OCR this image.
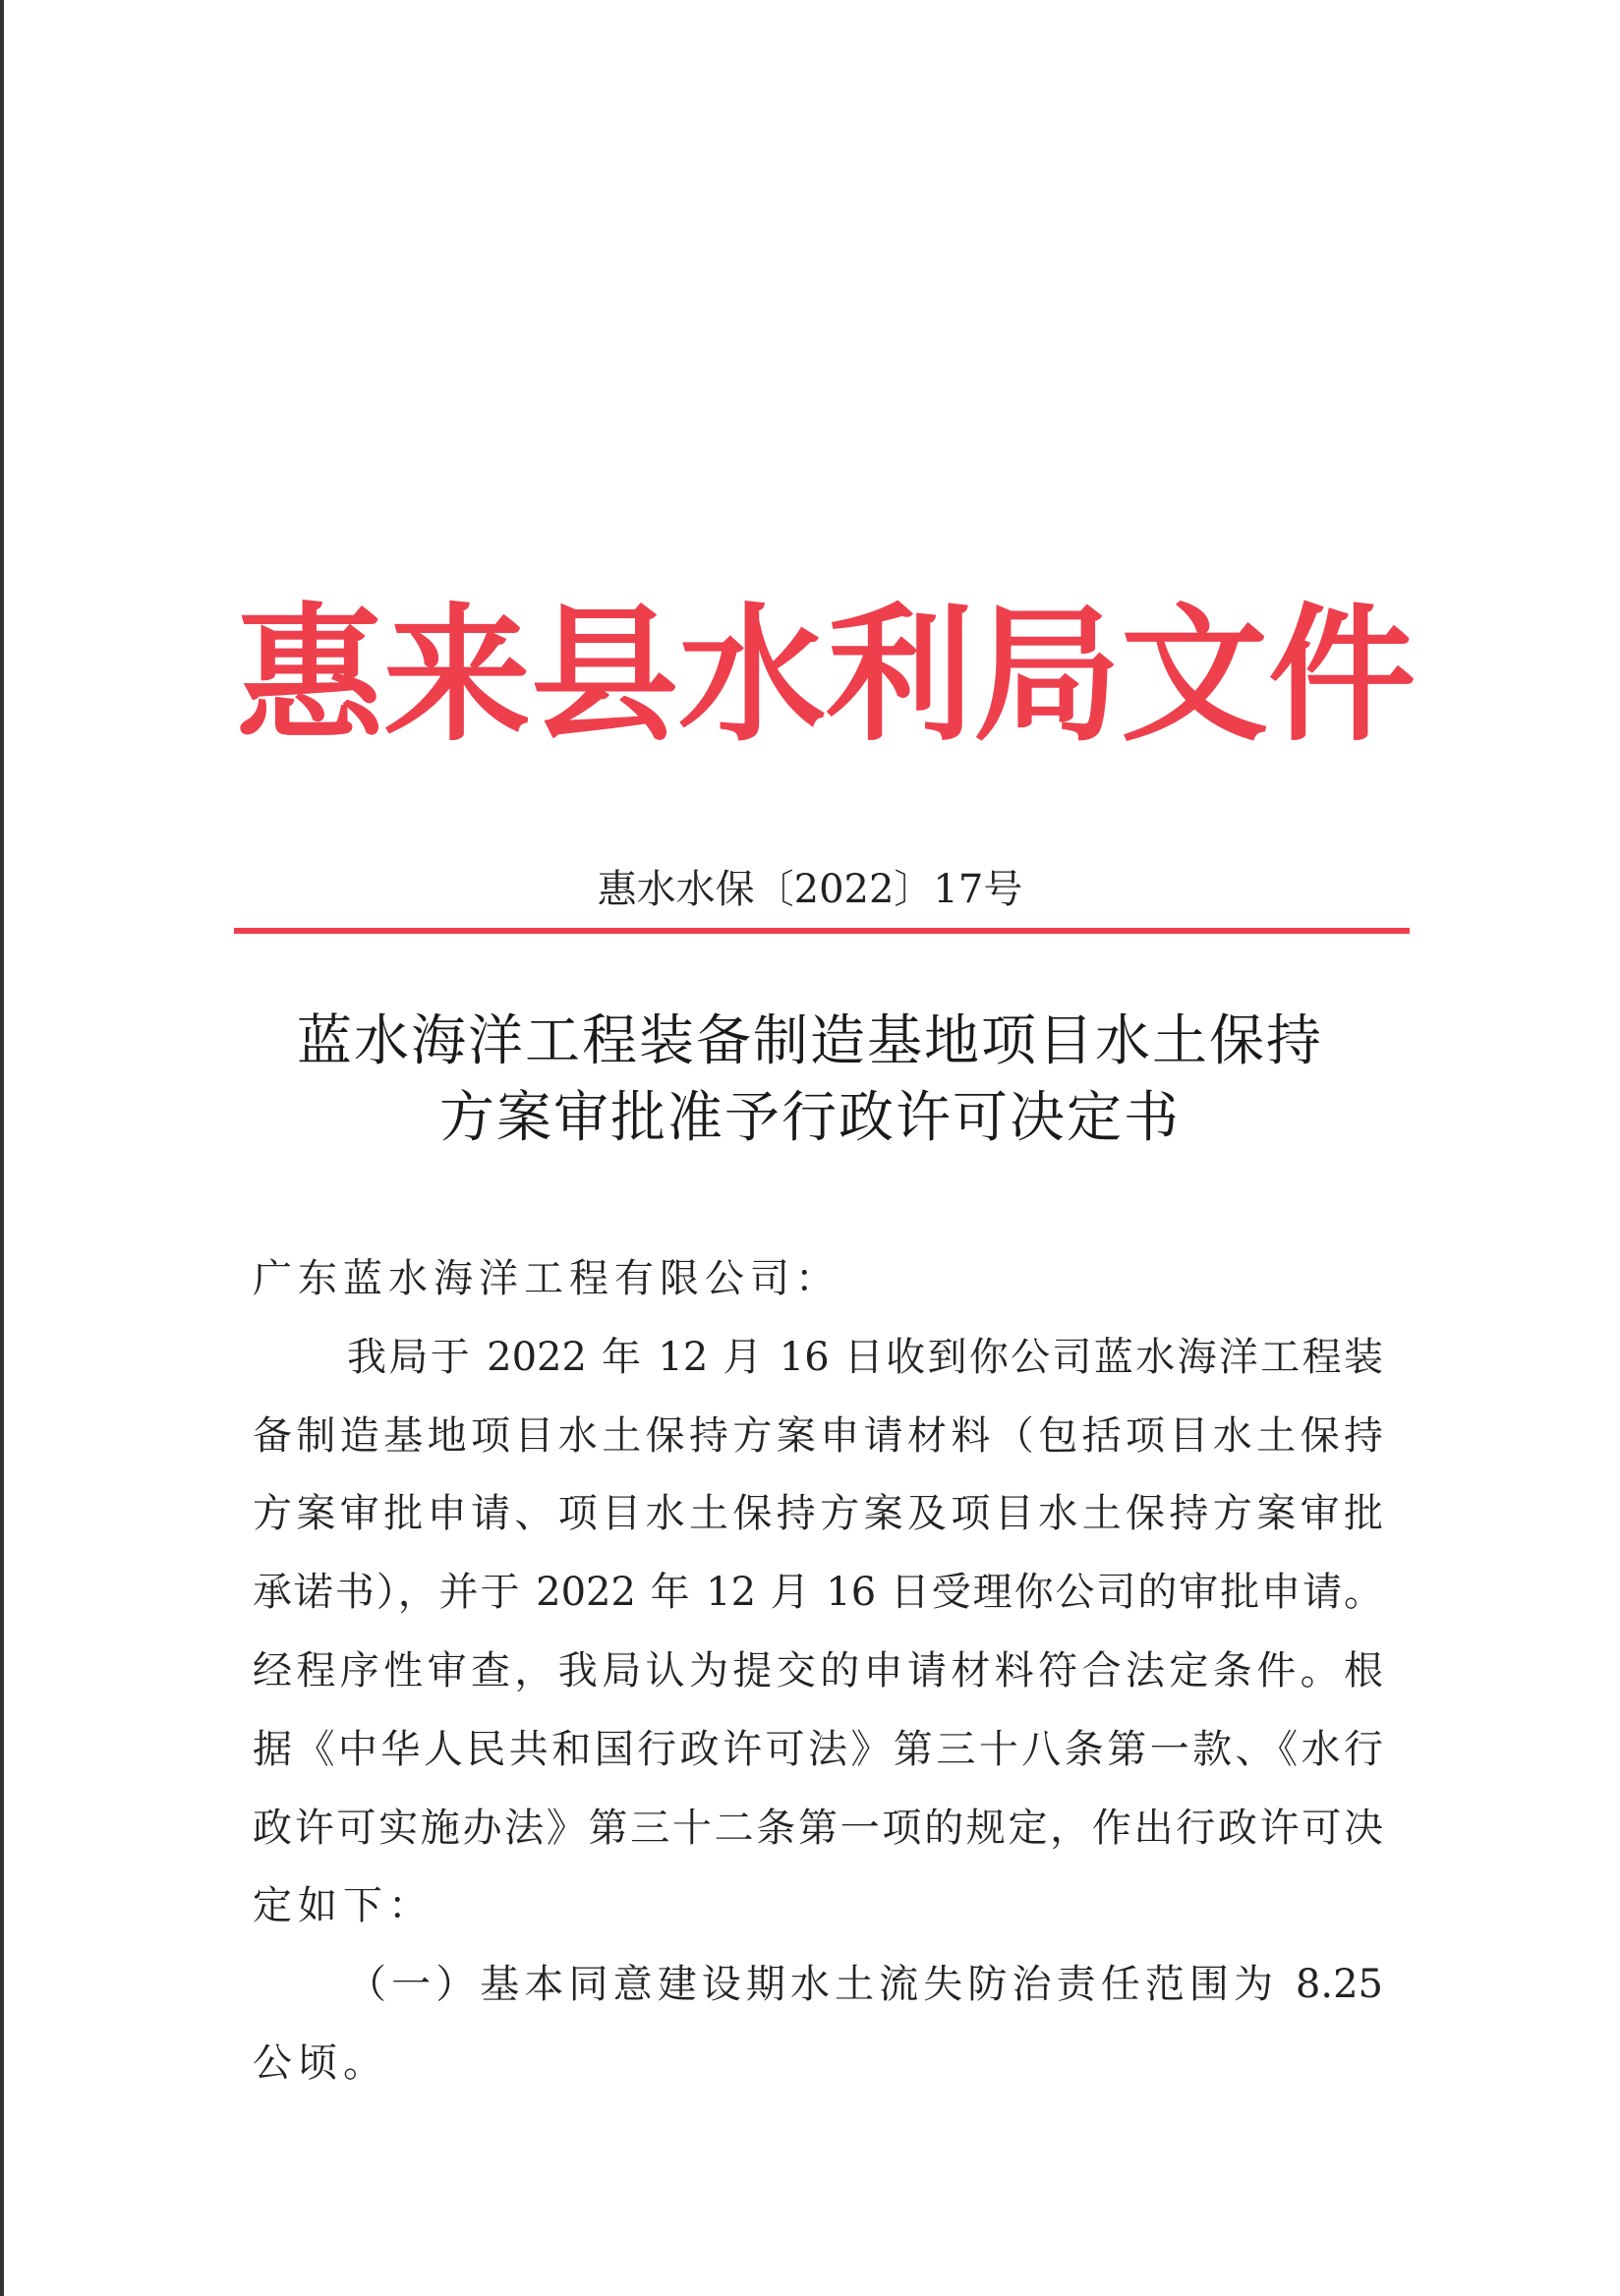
惠 来 县 水 利 局 文 件
惠水水保〔2022〕17号
蓝水海洋工程装备制造基地项目水土保持
方案审批准予行政许可决定书
广东蓝水海洋工程有限公司：
我局于 2022 年 12 月 16 日收到你公司蓝水海洋工程装
备制造基地项目水土保持方案申请材料（包括项目水土保持
方案审批申请、项目水土保持方案及项目水土保持方案审批
承诺书），并于 2022 年 12 月 16 日受理你公司的审批申请。
经程序性审查，我局认为提交的申请材料符合法定条件。根
据《中华人民共和国行政许可法》第三十八条第一款、《水行
政许可实施办法》第三十二条第一项的规定，作出行政许可决
定如下：
（一）基本同意建设期水土流失防治责任范围为 8.25
公顷。
